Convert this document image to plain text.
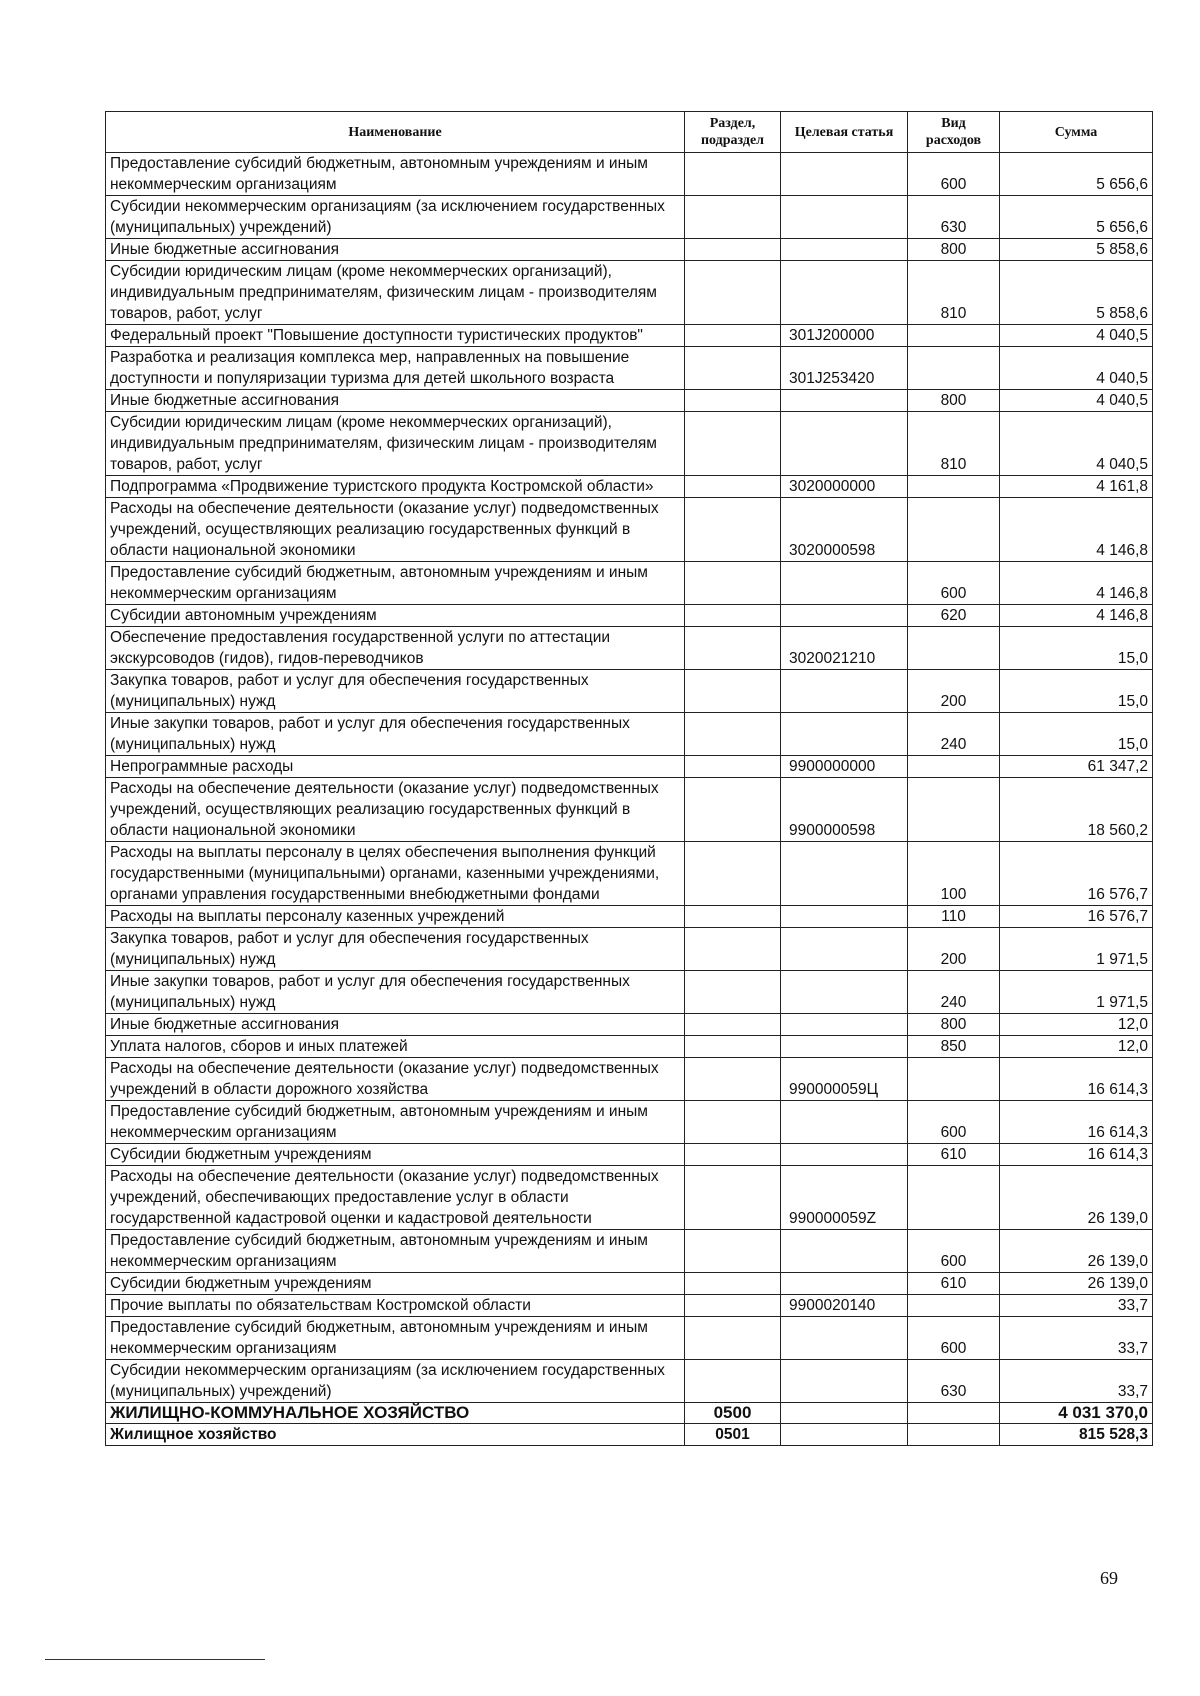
Наименование	Раздел, подраздел	Целевая статья	Вид расходов	Сумма
Предоставление субсидий бюджетным, автономным учреждениям и иным некоммерческим организациям			600	5 656,6
Субсидии некоммерческим организациям (за исключением государственных (муниципальных) учреждений)			630	5 656,6
Иные бюджетные ассигнования			800	5 858,6
Субсидии юридическим лицам (кроме некоммерческих организаций), индивидуальным предпринимателям, физическим лицам - производителям товаров, работ, услуг			810	5 858,6
Федеральный проект "Повышение доступности туристических продуктов"		301J200000		4 040,5
Разработка и реализация комплекса мер, направленных на повышение доступности и популяризации туризма для детей школьного возраста		301J253420		4 040,5
Иные бюджетные ассигнования			800	4 040,5
Субсидии юридическим лицам (кроме некоммерческих организаций), индивидуальным предпринимателям, физическим лицам - производителям товаров, работ, услуг			810	4 040,5
Подпрограмма «Продвижение туристского продукта Костромской области»		3020000000		4 161,8
Расходы на обеспечение деятельности (оказание услуг) подведомственных учреждений, осуществляющих реализацию государственных функций в области национальной экономики		3020000598		4 146,8
Предоставление субсидий бюджетным, автономным учреждениям и иным некоммерческим организациям			600	4 146,8
Субсидии автономным учреждениям			620	4 146,8
Обеспечение предоставления государственной услуги по аттестации экскурсоводов (гидов), гидов-переводчиков		3020021210		15,0
Закупка товаров, работ и услуг для обеспечения государственных (муниципальных) нужд			200	15,0
Иные закупки товаров, работ и услуг для обеспечения государственных (муниципальных) нужд			240	15,0
Непрограммные расходы		9900000000		61 347,2
Расходы на обеспечение деятельности (оказание услуг) подведомственных учреждений, осуществляющих реализацию государственных функций в области национальной экономики		9900000598		18 560,2
Расходы на выплаты персоналу в целях обеспечения выполнения функций государственными (муниципальными) органами, казенными учреждениями, органами управления государственными внебюджетными фондами			100	16 576,7
Расходы на выплаты персоналу казенных учреждений			110	16 576,7
Закупка товаров, работ и услуг для обеспечения государственных (муниципальных) нужд			200	1 971,5
Иные закупки товаров, работ и услуг для обеспечения государственных (муниципальных) нужд			240	1 971,5
Иные бюджетные ассигнования			800	12,0
Уплата налогов, сборов и иных платежей			850	12,0
Расходы на обеспечение деятельности (оказание услуг) подведомственных учреждений в области дорожного хозяйства		990000059Ц		16 614,3
Предоставление субсидий бюджетным, автономным учреждениям и иным некоммерческим организациям			600	16 614,3
Субсидии бюджетным учреждениям			610	16 614,3
Расходы на обеспечение деятельности (оказание услуг) подведомственных учреждений, обеспечивающих предоставление услуг в области государственной кадастровой оценки и кадастровой деятельности		990000059Z		26 139,0
Предоставление субсидий бюджетным, автономным учреждениям и иным некоммерческим организациям			600	26 139,0
Субсидии бюджетным учреждениям			610	26 139,0
Прочие выплаты по обязательствам Костромской области		9900020140		33,7
Предоставление субсидий бюджетным, автономным учреждениям и иным некоммерческим организациям			600	33,7
Субсидии некоммерческим организациям (за исключением государственных (муниципальных) учреждений)			630	33,7
ЖИЛИЩНО-КОММУНАЛЬНОЕ ХОЗЯЙСТВО	0500			4 031 370,0
Жилищное хозяйство	0501			815 528,3
69
